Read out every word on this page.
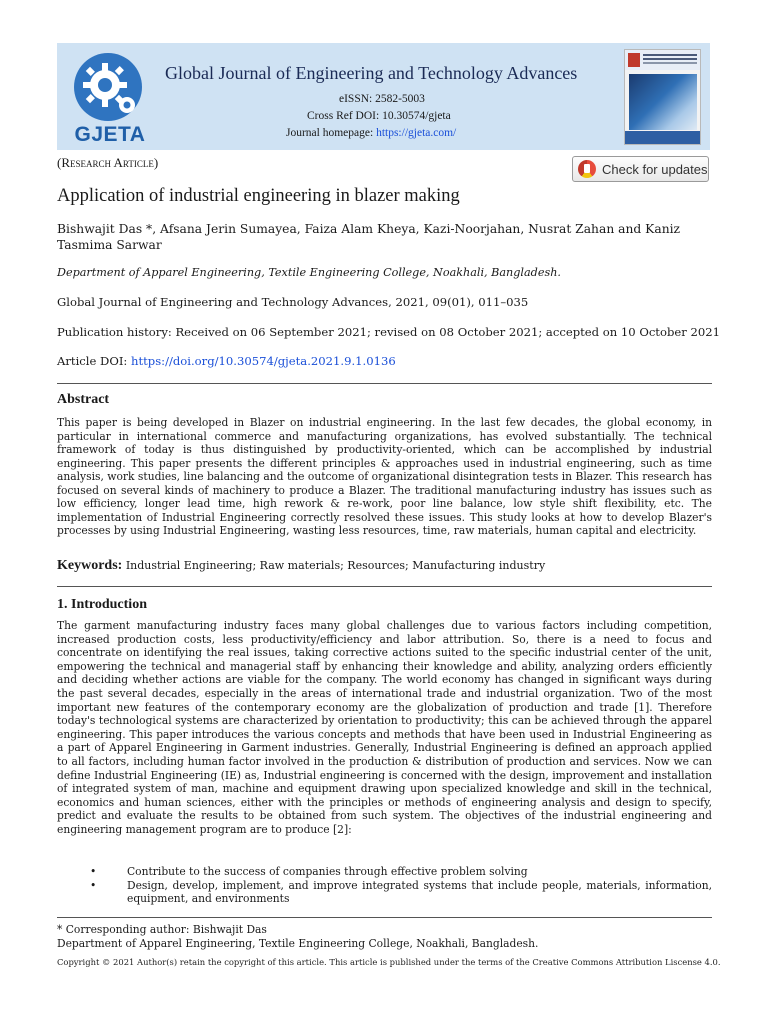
GJETA
Global Journal of Engineering and Technology Advances
eISSN: 2582-5003
Cross Ref DOI: 10.30574/gjeta
Journal homepage: https://gjeta.com/
(Research Article)	Check for updates
Application of industrial engineering in blazer making
Bishwajit Das *, Afsana Jerin Sumayea, Faiza Alam Kheya, Kazi-Noorjahan, Nusrat Zahan and Kaniz Tasmima Sarwar
Department of Apparel Engineering, Textile Engineering College, Noakhali, Bangladesh.
Global Journal of Engineering and Technology Advances, 2021, 09(01), 011–035
Publication history: Received on 06 September 2021; revised on 08 October 2021; accepted on 10 October 2021
Article DOI: https://doi.org/10.30574/gjeta.2021.9.1.0136
Abstract
This paper is being developed in Blazer on industrial engineering. In the last few decades, the global economy, in particular in international commerce and manufacturing organizations, has evolved substantially. The technical framework of today is thus distinguished by productivity-oriented, which can be accomplished by industrial engineering. This paper presents the different principles & approaches used in industrial engineering, such as time analysis, work studies, line balancing and the outcome of organizational disintegration tests in Blazer. This research has focused on several kinds of machinery to produce a Blazer. The traditional manufacturing industry has issues such as low efficiency, longer lead time, high rework & re-work, poor line balance, low style shift flexibility, etc. The implementation of Industrial Engineering correctly resolved these issues. This study looks at how to develop Blazer's processes by using Industrial Engineering, wasting less resources, time, raw materials, human capital and electricity.
Keywords: Industrial Engineering; Raw materials; Resources; Manufacturing industry
1. Introduction
The garment manufacturing industry faces many global challenges due to various factors including competition, increased production costs, less productivity/efficiency and labor attribution. So, there is a need to focus and concentrate on identifying the real issues, taking corrective actions suited to the specific industrial center of the unit, empowering the technical and managerial staff by enhancing their knowledge and ability, analyzing orders efficiently and deciding whether actions are viable for the company. The world economy has changed in significant ways during the past several decades, especially in the areas of international trade and industrial organization. Two of the most important new features of the contemporary economy are the globalization of production and trade [1]. Therefore today's technological systems are characterized by orientation to productivity; this can be achieved through the apparel engineering. This paper introduces the various concepts and methods that have been used in Industrial Engineering as a part of Apparel Engineering in Garment industries. Generally, Industrial Engineering is defined an approach applied to all factors, including human factor involved in the production & distribution of production and services. Now we can define Industrial Engineering (IE) as, Industrial engineering is concerned with the design, improvement and installation of integrated system of man, machine and equipment drawing upon specialized knowledge and skill in the technical, economics and human sciences, either with the principles or methods of engineering analysis and design to specify, predict and evaluate the results to be obtained from such system. The objectives of the industrial engineering and engineering management program are to produce [2]:
• Contribute to the success of companies through effective problem solving
• Design, develop, implement, and improve integrated systems that include people, materials, information, equipment, and environments
* Corresponding author: Bishwajit Das
Department of Apparel Engineering, Textile Engineering College, Noakhali, Bangladesh.
Copyright © 2021 Author(s) retain the copyright of this article. This article is published under the terms of the Creative Commons Attribution Liscense 4.0.
